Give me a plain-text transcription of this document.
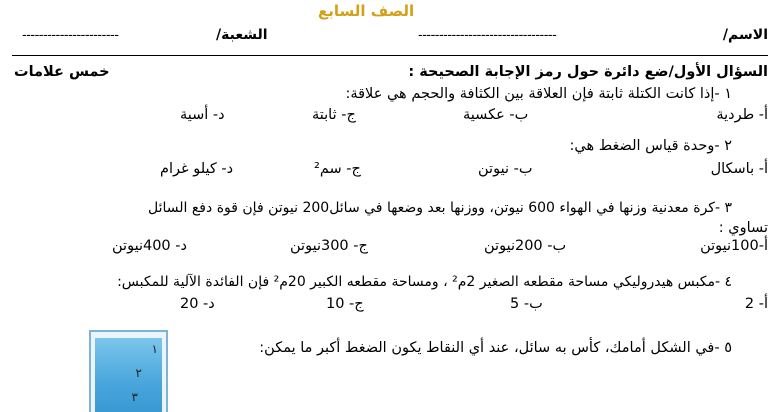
الصف السابع
الاسم/
---------------------------------
الشعبة/
-----------------------
السؤال الأول/ضع دائرة حول رمز الإجابة الصحيحة :
خمس علامات
١ -إذا كانت الكتلة ثابتة فإن العلاقة بين الكثافة والحجم هي علاقة:
أ- طردية
ب- عكسية
ج- ثابتة
د- أسية
٢ -وحدة قياس الضغط هي:
أ- باسكال
ب- نيوتن
ج- سم²
د- كيلو غرام
٣ -كرة معدنية وزنها في الهواء 600 نيوتن، ووزنها بعد وضعها في سائل200 نيوتن فإن قوة دفع السائل
تساوي :
أ-100نيوتن
ب- 200نيوتن
ج- 300نيوتن
د- 400نيوتن
٤ -مكبس هيدروليكي مساحة مقطعه الصغير 2م² ، ومساحة مقطعه الكبير 20م² فإن الفائدة الآلية للمكبس:
أ- 2
ب- 5
ج- 10
د- 20
٥ -في الشكل أمامك، كأس به سائل، عند أي النقاط يكون الضغط أكبر ما يمكن:
١
٢
٣
